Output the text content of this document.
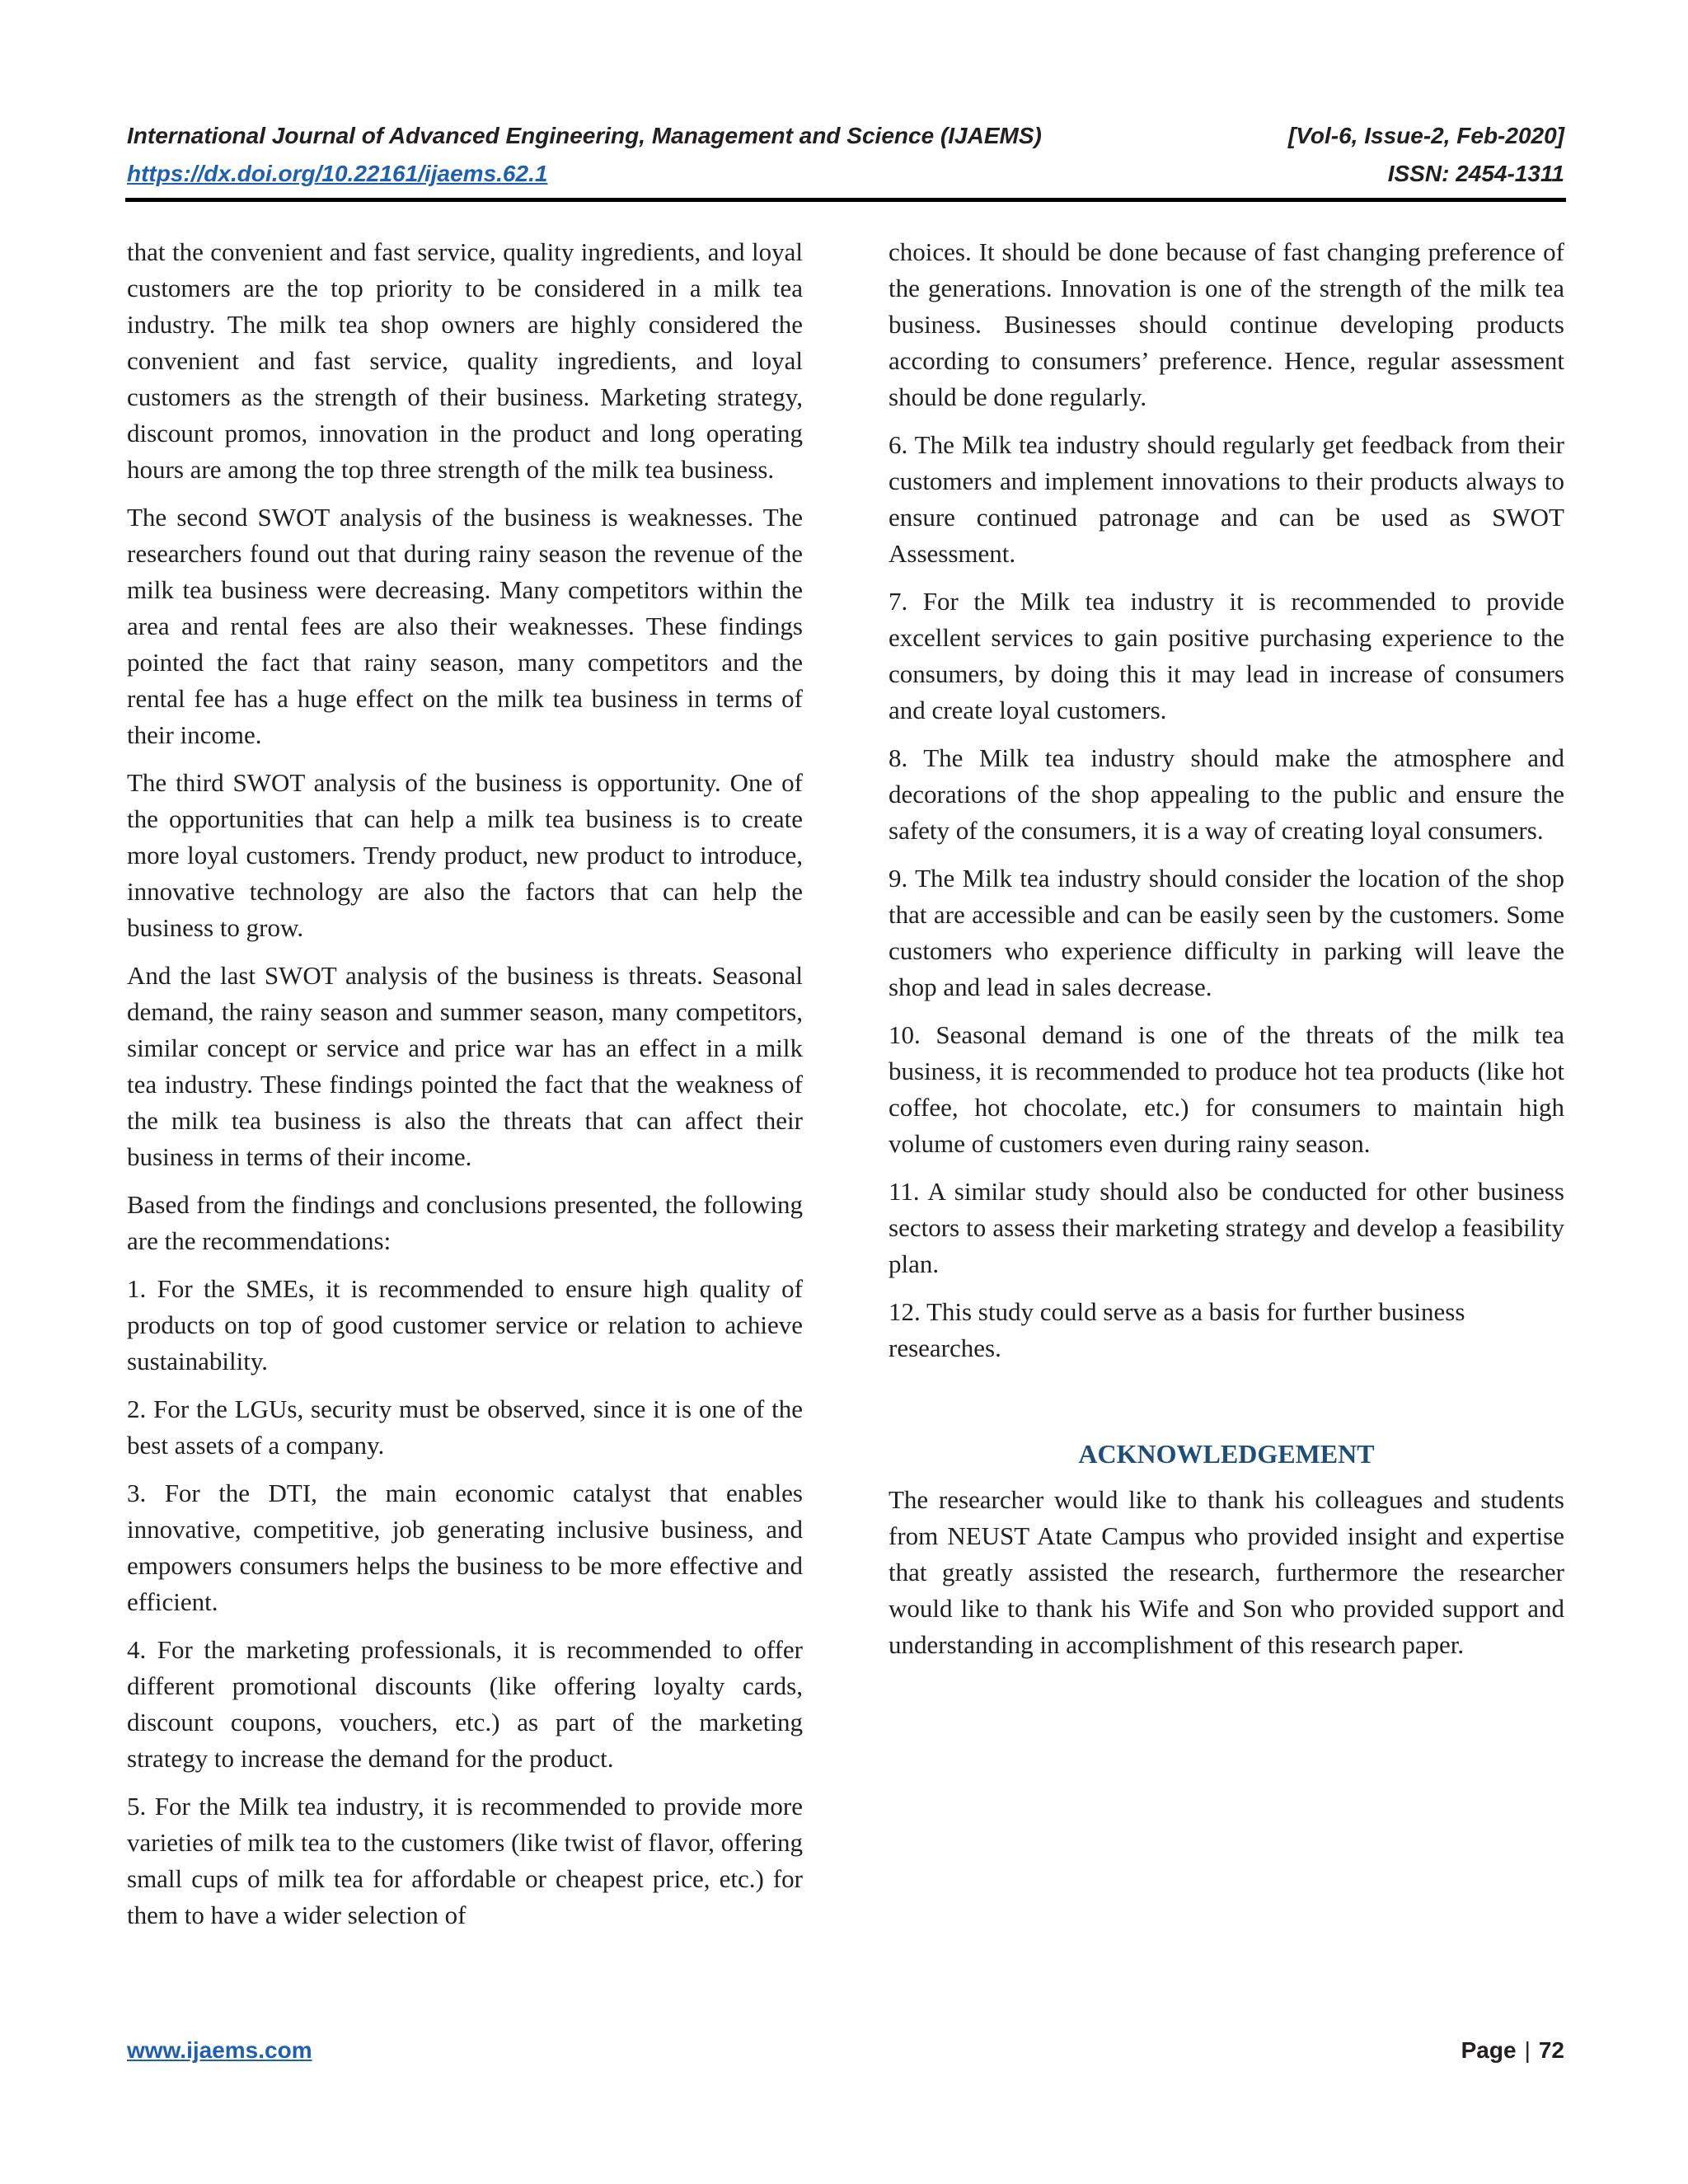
International Journal of Advanced Engineering, Management and Science (IJAEMS)	[Vol-6, Issue-2, Feb-2020]
https://dx.doi.org/10.22161/ijaems.62.1	ISSN: 2454-1311

that the convenient and fast service, quality ingredients, and loyal customers are the top priority to be considered in a milk tea industry. The milk tea shop owners are highly considered the convenient and fast service, quality ingredients, and loyal customers as the strength of their business. Marketing strategy, discount promos, innovation in the product and long operating hours are among the top three strength of the milk tea business.

The second SWOT analysis of the business is weaknesses. The researchers found out that during rainy season the revenue of the milk tea business were decreasing. Many competitors within the area and rental fees are also their weaknesses. These findings pointed the fact that rainy season, many competitors and the rental fee has a huge effect on the milk tea business in terms of their income.

The third SWOT analysis of the business is opportunity. One of the opportunities that can help a milk tea business is to create more loyal customers. Trendy product, new product to introduce, innovative technology are also the factors that can help the business to grow.

And the last SWOT analysis of the business is threats. Seasonal demand, the rainy season and summer season, many competitors, similar concept or service and price war has an effect in a milk tea industry. These findings pointed the fact that the weakness of the milk tea business is also the threats that can affect their business in terms of their income.

Based from the findings and conclusions presented, the following are the recommendations:

1. For the SMEs, it is recommended to ensure high quality of products on top of good customer service or relation to achieve sustainability.

2. For the LGUs, security must be observed, since it is one of the best assets of a company.

3. For the DTI, the main economic catalyst that enables innovative, competitive, job generating inclusive business, and empowers consumers helps the business to be more effective and efficient.

4. For the marketing professionals, it is recommended to offer different promotional discounts (like offering loyalty cards, discount coupons, vouchers, etc.) as part of the marketing strategy to increase the demand for the product.

5. For the Milk tea industry, it is recommended to provide more varieties of milk tea to the customers (like twist of flavor, offering small cups of milk tea for affordable or cheapest price, etc.) for them to have a wider selection of

choices. It should be done because of fast changing preference of the generations. Innovation is one of the strength of the milk tea business. Businesses should continue developing products according to consumers’ preference. Hence, regular assessment should be done regularly.

6. The Milk tea industry should regularly get feedback from their customers and implement innovations to their products always to ensure continued patronage and can be used as SWOT Assessment.

7. For the Milk tea industry it is recommended to provide excellent services to gain positive purchasing experience to the consumers, by doing this it may lead in increase of consumers and create loyal customers.

8. The Milk tea industry should make the atmosphere and decorations of the shop appealing to the public and ensure the safety of the consumers, it is a way of creating loyal consumers.

9. The Milk tea industry should consider the location of the shop that are accessible and can be easily seen by the customers. Some customers who experience difficulty in parking will leave the shop and lead in sales decrease.

10. Seasonal demand is one of the threats of the milk tea business, it is recommended to produce hot tea products (like hot coffee, hot chocolate, etc.) for consumers to maintain high volume of customers even during rainy season.

11. A similar study should also be conducted for other business sectors to assess their marketing strategy and develop a feasibility plan.

12. This study could serve as a basis for further business researches.

ACKNOWLEDGEMENT

The researcher would like to thank his colleagues and students from NEUST Atate Campus who provided insight and expertise that greatly assisted the research, furthermore the researcher would like to thank his Wife and Son who provided support and understanding in accomplishment of this research paper.

www.ijaems.com	Page | 72
